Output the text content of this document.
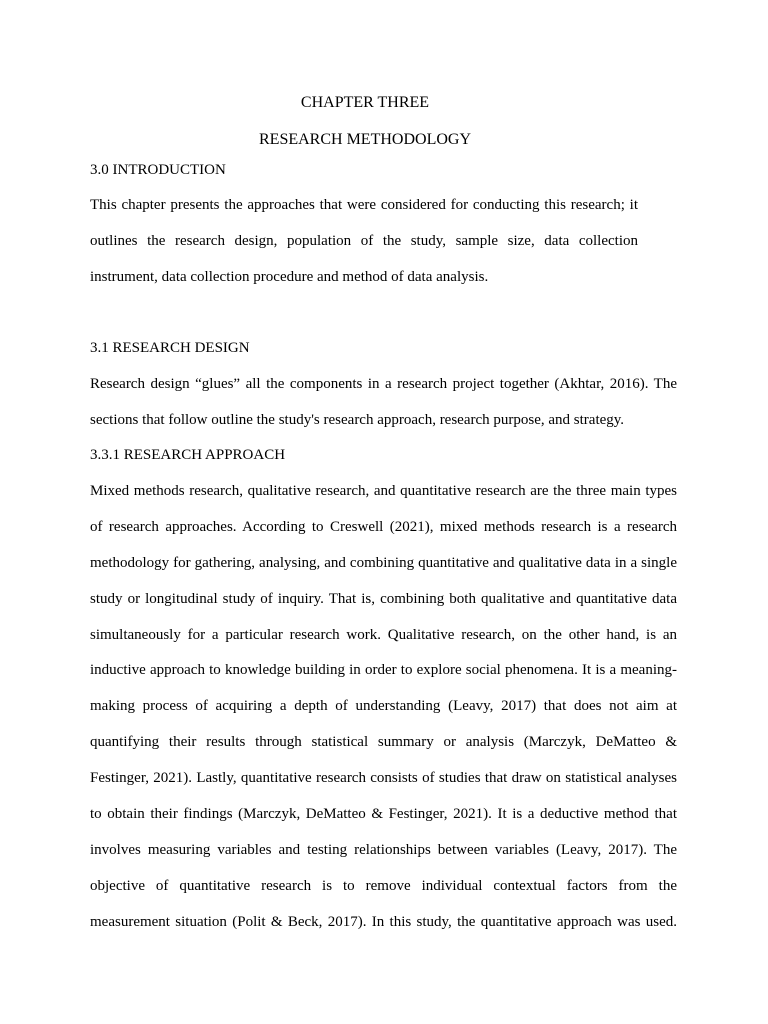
CHAPTER THREE
RESEARCH METHODOLOGY
3.0 INTRODUCTION
This chapter presents the approaches that were considered for conducting this research; it
outlines the research design, population of the study, sample size, data collection
instrument, data collection procedure and method of data analysis.
3.1 RESEARCH DESIGN
Research design “glues” all the components in a research project together (Akhtar, 2016). The
sections that follow outline the study's research approach, research purpose, and strategy.
3.3.1 RESEARCH APPROACH
Mixed methods research, qualitative research, and quantitative research are the three main types
of research approaches. According to Creswell (2021), mixed methods research is a research
methodology for gathering, analysing, and combining quantitative and qualitative data in a single
study or longitudinal study of inquiry. That is, combining both qualitative and quantitative data
simultaneously for a particular research work. Qualitative research, on the other hand, is an
inductive approach to knowledge building in order to explore social phenomena. It is a meaning-
making process of acquiring a depth of understanding (Leavy, 2017) that does not aim at
quantifying their results through statistical summary or analysis (Marczyk, DeMatteo &
Festinger, 2021). Lastly, quantitative research consists of studies that draw on statistical analyses
to obtain their findings (Marczyk, DeMatteo & Festinger, 2021). It is a deductive method that
involves measuring variables and testing relationships between variables (Leavy, 2017). The
objective of quantitative research is to remove individual contextual factors from the
measurement situation (Polit & Beck, 2017). In this study, the quantitative approach was used.
